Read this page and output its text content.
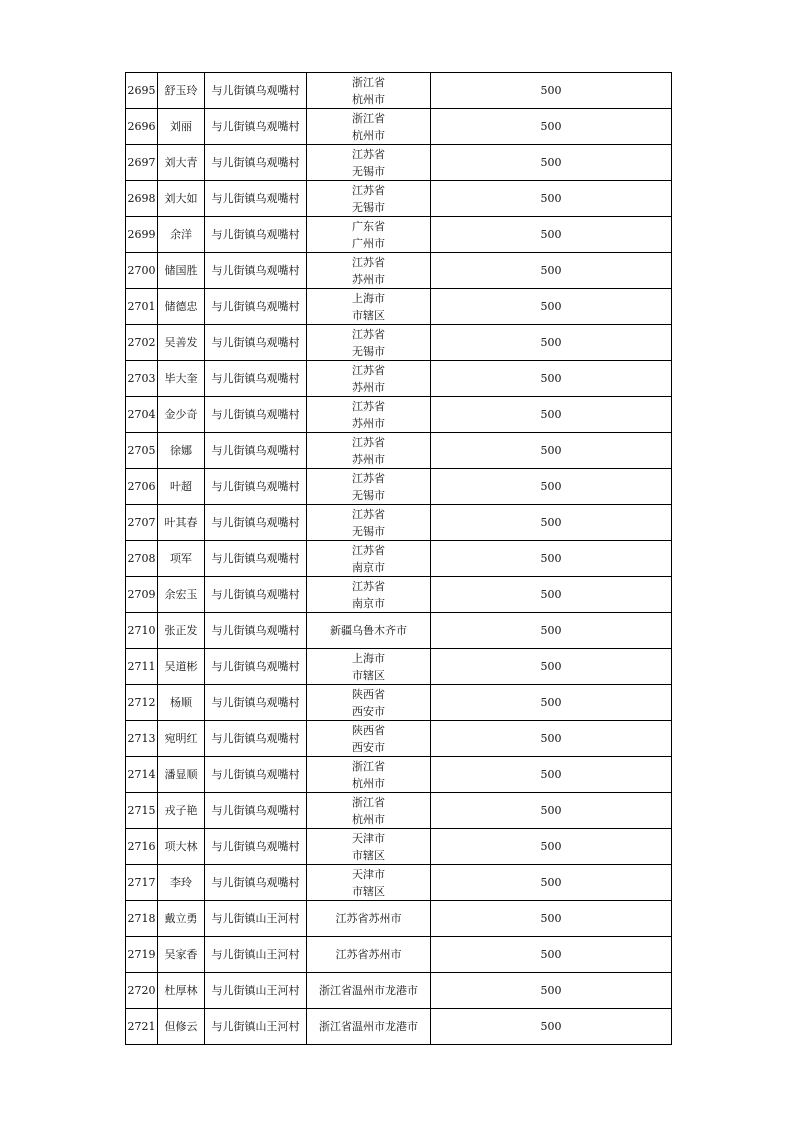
2695	舒玉玲	与儿街镇乌观嘴村	浙江省
杭州市	500
2696	刘丽	与儿街镇乌观嘴村	浙江省
杭州市	500
2697	刘大青	与儿街镇乌观嘴村	江苏省
无锡市	500
2698	刘大如	与儿街镇乌观嘴村	江苏省
无锡市	500
2699	余洋	与儿街镇乌观嘴村	广东省
广州市	500
2700	储国胜	与儿街镇乌观嘴村	江苏省
苏州市	500
2701	储德忠	与儿街镇乌观嘴村	上海市
市辖区	500
2702	吴善发	与儿街镇乌观嘴村	江苏省
无锡市	500
2703	毕大奎	与儿街镇乌观嘴村	江苏省
苏州市	500
2704	金少奇	与儿街镇乌观嘴村	江苏省
苏州市	500
2705	徐娜	与儿街镇乌观嘴村	江苏省
苏州市	500
2706	叶超	与儿街镇乌观嘴村	江苏省
无锡市	500
2707	叶其春	与儿街镇乌观嘴村	江苏省
无锡市	500
2708	项军	与儿街镇乌观嘴村	江苏省
南京市	500
2709	余宏玉	与儿街镇乌观嘴村	江苏省
南京市	500
2710	张正发	与儿街镇乌观嘴村	新疆乌鲁木齐市	500
2711	吴道彬	与儿街镇乌观嘴村	上海市
市辖区	500
2712	杨顺	与儿街镇乌观嘴村	陕西省
西安市	500
2713	宛明红	与儿街镇乌观嘴村	陕西省
西安市	500
2714	潘显顺	与儿街镇乌观嘴村	浙江省
杭州市	500
2715	戎子艳	与儿街镇乌观嘴村	浙江省
杭州市	500
2716	项大林	与儿街镇乌观嘴村	天津市
市辖区	500
2717	李玲	与儿街镇乌观嘴村	天津市
市辖区	500
2718	戴立勇	与儿街镇山王河村	江苏省苏州市	500
2719	吴家香	与儿街镇山王河村	江苏省苏州市	500
2720	杜厚林	与儿街镇山王河村	浙江省温州市龙港市	500
2721	但修云	与儿街镇山王河村	浙江省温州市龙港市	500
